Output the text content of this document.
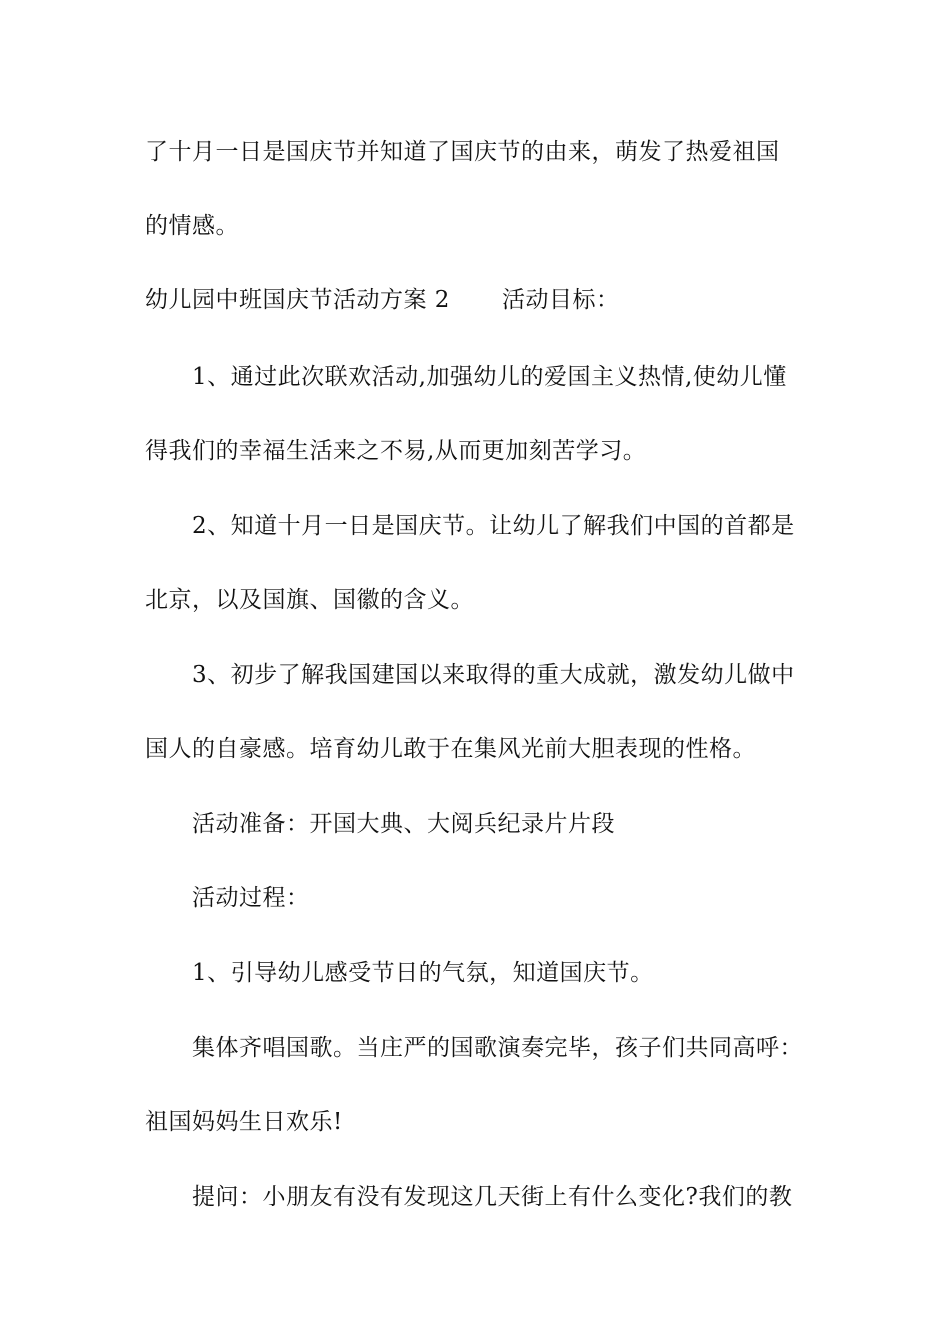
了十月一日是国庆节并知道了国庆节的由来，萌发了热爱祖国
的情感。
幼儿园中班国庆节活动方案 2 活动目标：
1、通过此次联欢活动,加强幼儿的爱国主义热情,使幼儿懂
得我们的幸福生活来之不易,从而更加刻苦学习。
2、知道十月一日是国庆节。让幼儿了解我们中国的首都是
北京，以及国旗、国徽的含义。
3、初步了解我国建国以来取得的重大成就，激发幼儿做中
国人的自豪感。培育幼儿敢于在集风光前大胆表现的性格。
活动准备：开国大典、大阅兵纪录片片段
活动过程：
1、引导幼儿感受节日的气氛，知道国庆节。
集体齐唱国歌。当庄严的国歌演奏完毕，孩子们共同高呼：
祖国妈妈生日欢乐!
提问：小朋友有没有发现这几天街上有什么变化?我们的教
